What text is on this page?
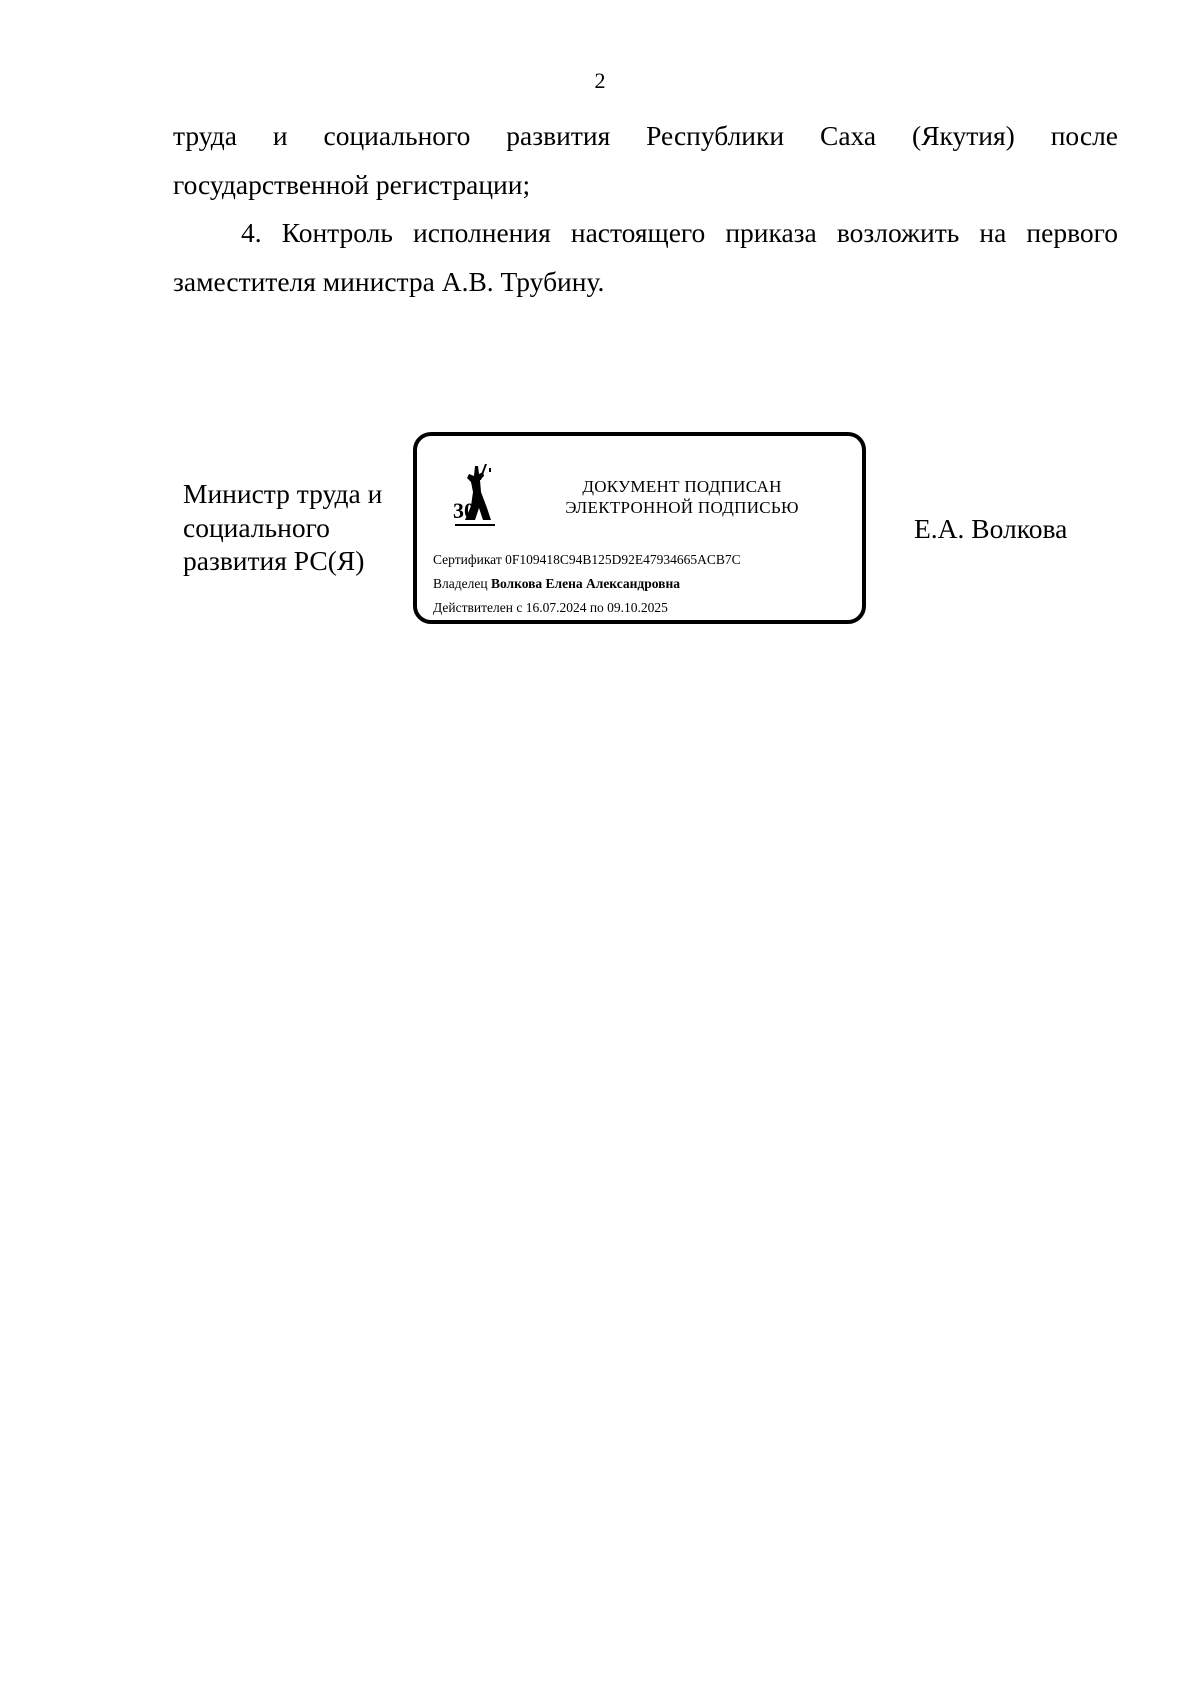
2

труда и социального развития Республики Саха (Якутия) после
государственной регистрации;

4. Контроль исполнения настоящего приказа возложить на первого
заместителя министра А.В. Трубину.

Министр труда и
социального
развития РС(Я)
30
ДОКУМЕНТ ПОДПИСАН
ЭЛЕКТРОННОЙ ПОДПИСЬЮ
Сертификат 0F109418C94B125D92E47934665ACB7C
Владелец Волкова Елена Александровна
Действителен с 16.07.2024 по 09.10.2025
Е.А. Волкова
